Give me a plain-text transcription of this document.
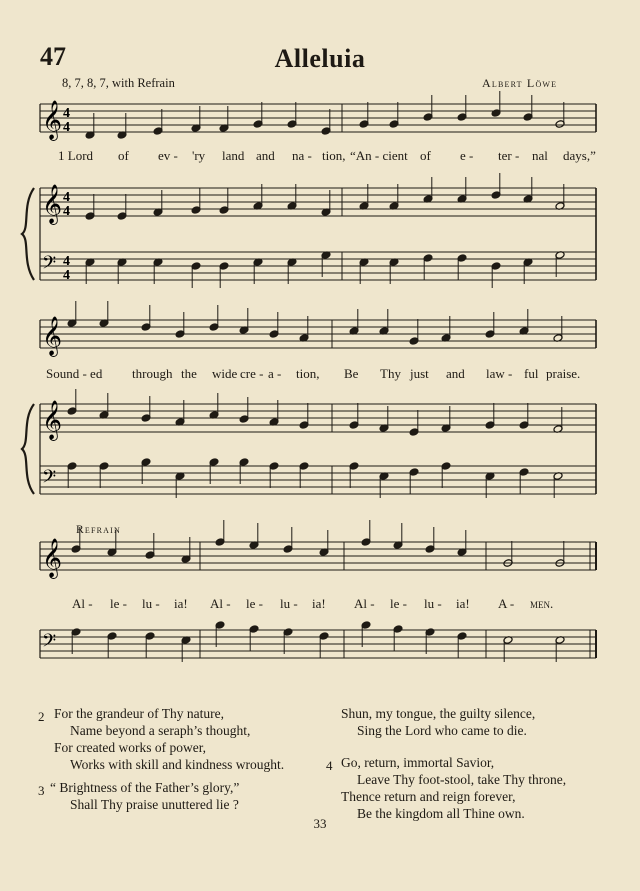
47	Alleluia
8, 7, 8, 7, with Refrain	Albert Löwe
𝄞 4
4
𝄞 4
4
𝄢 4
4
𝄞
𝄞
𝄢
𝄞
𝄢
Refrain
1 Lord of ev - 'ry land and na - tion, “An - cient of e - ter - nal days,”
Sound - ed through the wide cre - a - tion, Be Thy just and law - ful praise.
Al - le - lu - ia! Al - le - lu - ia! Al - le - lu - ia! A - men.
2 For the grandeur of Thy nature,
Name beyond a seraph’s thought,
For created works of power,
Works with skill and kindness wrought.
3 “ Brightness of the Father’s glory,”
Shall Thy praise unuttered lie ?
Shun, my tongue, the guilty silence,
Sing the Lord who came to die.
4 Go, return, immortal Savior,
Leave Thy foot-stool, take Thy throne,
Thence return and reign forever,
Be the kingdom all Thine own.
33
